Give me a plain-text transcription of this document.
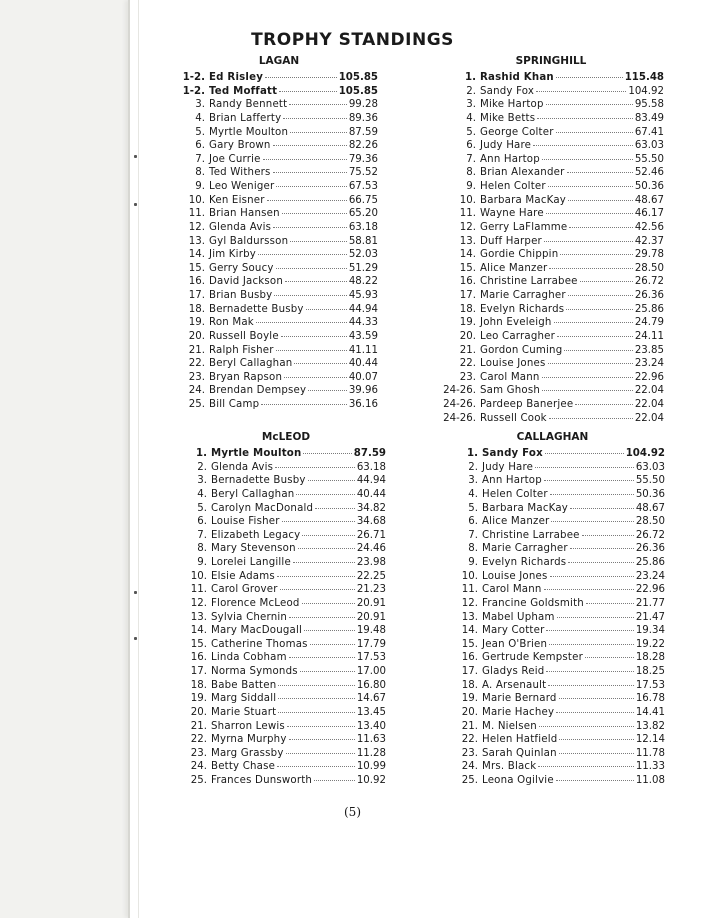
TROPHY STANDINGS
LAGAN
1-2. Ed Risley	105.85
1-2. Ted Moffatt	105.85
3. Randy Bennett	99.28
4. Brian Lafferty	89.36
5. Myrtle Moulton	87.59
6. Gary Brown	82.26
7. Joe Currie	79.36
8. Ted Withers	75.52
9. Leo Weniger	67.53
10. Ken Eisner	66.75
11. Brian Hansen	65.20
12. Glenda Avis	63.18
13. Gyl Baldursson	58.81
14. Jim Kirby	52.03
15. Gerry Soucy	51.29
16. David Jackson	48.22
17. Brian Busby	45.93
18. Bernadette Busby	44.94
19. Ron Mak	44.33
20. Russell Boyle	43.59
21. Ralph Fisher	41.11
22. Beryl Callaghan	40.44
23. Bryan Rapson	40.07
24. Brendan Dempsey	39.96
25. Bill Camp	36.16
SPRINGHILL
1. Rashid Khan	115.48
2. Sandy Fox	104.92
3. Mike Hartop	95.58
4. Mike Betts	83.49
5. George Colter	67.41
6. Judy Hare	63.03
7. Ann Hartop	55.50
8. Brian Alexander	52.46
9. Helen Colter	50.36
10. Barbara MacKay	48.67
11. Wayne Hare	46.17
12. Gerry LaFlamme	42.56
13. Duff Harper	42.37
14. Gordie Chippin	29.78
15. Alice Manzer	28.50
16. Christine Larrabee	26.72
17. Marie Carragher	26.36
18. Evelyn Richards	25.86
19. John Eveleigh	24.79
20. Leo Carragher	24.11
21. Gordon Cuming	23.85
22. Louise Jones	23.24
23. Carol Mann	22.96
24-26. Sam Ghosh	22.04
24-26. Pardeep Banerjee	22.04
24-26. Russell Cook	22.04
McLEOD
1. Myrtle Moulton	87.59
2. Glenda Avis	63.18
3. Bernadette Busby	44.94
4. Beryl Callaghan	40.44
5. Carolyn MacDonald	34.82
6. Louise Fisher	34.68
7. Elizabeth Legacy	26.71
8. Mary Stevenson	24.46
9. Lorelei Langille	23.98
10. Elsie Adams	22.25
11. Carol Grover	21.23
12. Florence McLeod	20.91
13. Sylvia Chernin	20.91
14. Mary MacDougall	19.48
15. Catherine Thomas	17.79
16. Linda Cobham	17.53
17. Norma Symonds	17.00
18. Babe Batten	16.80
19. Marg Siddall	14.67
20. Marie Stuart	13.45
21. Sharron Lewis	13.40
22. Myrna Murphy	11.63
23. Marg Grassby	11.28
24. Betty Chase	10.99
25. Frances Dunsworth	10.92
CALLAGHAN
1. Sandy Fox	104.92
2. Judy Hare	63.03
3. Ann Hartop	55.50
4. Helen Colter	50.36
5. Barbara MacKay	48.67
6. Alice Manzer	28.50
7. Christine Larrabee	26.72
8. Marie Carragher	26.36
9. Evelyn Richards	25.86
10. Louise Jones	23.24
11. Carol Mann	22.96
12. Francine Goldsmith	21.77
13. Mabel Upham	21.47
14. Mary Cotter	19.34
15. Jean O'Brien	19.22
16. Gertrude Kempster	18.28
17. Gladys Reid	18.25
18. A. Arsenault	17.53
19. Marie Bernard	16.78
20. Marie Hachey	14.41
21. M. Nielsen	13.82
22. Helen Hatfield	12.14
23. Sarah Quinlan	11.78
24. Mrs. Black	11.33
25. Leona Ogilvie	11.08
(5)
